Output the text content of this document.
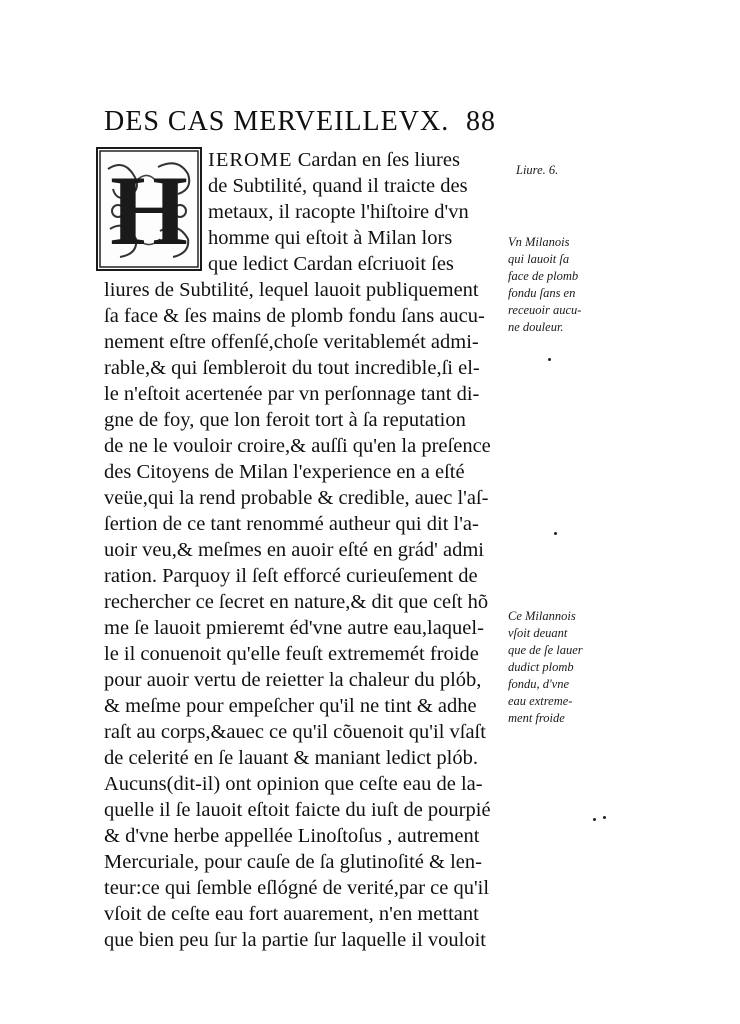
DES CAS MERVEILLEVX. 88
H IEROME Cardan en ſes liures
de Subtilité, quand il traicte des
metaux, il racopte l'hiſtoire d'vn
homme qui eſtoit à Milan lors
que ledict Cardan eſcriuoit ſes
liures de Subtilité, lequel lauoit publiquement
ſa face & ſes mains de plomb fondu ſans aucu-
nement eſtre offenſé,choſe veritablemét admi-
rable,& qui ſembleroit du tout incredible,ſi el-
le n'eſtoit acertenée par vn perſonnage tant di-
gne de foy, que lon feroit tort à ſa reputation
de ne le vouloir croire,& auſſi qu'en la preſence
des Citoyens de Milan l'experience en a eſté
veüe,qui la rend probable & credible, auec l'aſ-
ſertion de ce tant renommé autheur qui dit l'a-
uoir veu,& meſmes en auoir eſté en grád' admi
ration. Parquoy il ſeſt efforcé curieuſement de
rechercher ce ſecret en nature,& dit que ceſt hõ
me ſe lauoit pmieremt éd'vne autre eau,laquel-
le il conuenoit qu'elle feuſt extrememét froide
pour auoir vertu de reietter la chaleur du plób,
& meſme pour empeſcher qu'il ne tint & adhe
raſt au corps,&auec ce qu'il cõuenoit qu'il vſaſt
de celerité en ſe lauant & maniant ledict plób.
Aucuns(dit-il) ont opinion que ceſte eau de la-
quelle il ſe lauoit eſtoit faicte du iuſt de pourpié
& d'vne herbe appellée Linoſtoſus , autrement
Mercuriale, pour cauſe de ſa glutinoſité & len-
teur:ce qui ſemble eſlógné de verité,par ce qu'il
vſoit de ceſte eau fort auarement, n'en mettant
que bien peu ſur la partie ſur laquelle il vouloit
Liure. 6.
Vn Milanois
qui lauoit ſa
face de plomb
fondu ſans en
receuoir aucu-
ne douleur.
Ce Milannois
vſoit deuant
que de ſe lauer
dudict plomb
fondu, d'vne
eau extreme-
ment froide
